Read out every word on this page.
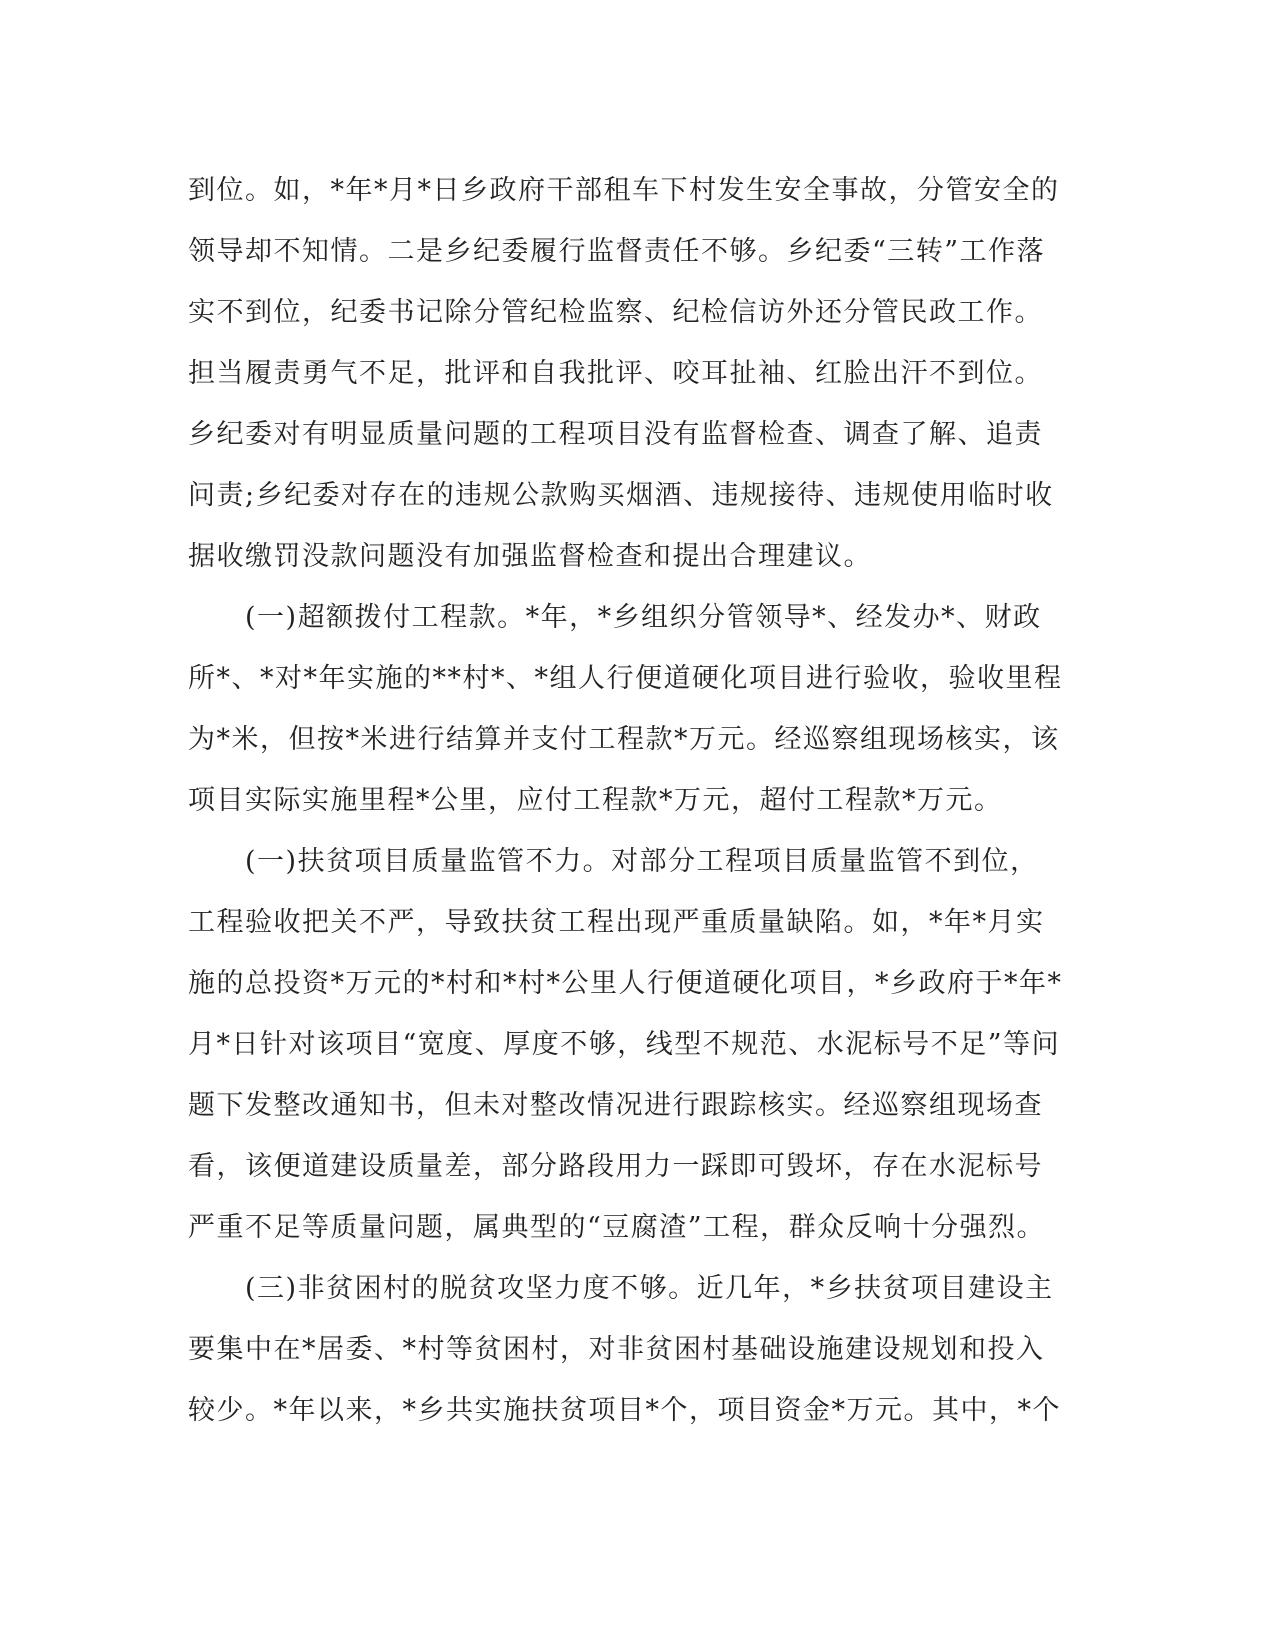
到位。如，*年*月*日乡政府干部租车下村发生安全事故，分管安全的
领导却不知情。二是乡纪委履行监督责任不够。乡纪委“三转”工作落
实不到位，纪委书记除分管纪检监察、纪检信访外还分管民政工作。
担当履责勇气不足，批评和自我批评、咬耳扯袖、红脸出汗不到位。
乡纪委对有明显质量问题的工程项目没有监督检查、调查了解、追责
问责;乡纪委对存在的违规公款购买烟酒、违规接待、违规使用临时收
据收缴罚没款问题没有加强监督检查和提出合理建议。
　　(一)超额拨付工程款。*年，*乡组织分管领导*、经发办*、财政
所*、*对*年实施的**村*、*组人行便道硬化项目进行验收，验收里程
为*米，但按*米进行结算并支付工程款*万元。经巡察组现场核实，该
项目实际实施里程*公里，应付工程款*万元，超付工程款*万元。
　　(一)扶贫项目质量监管不力。对部分工程项目质量监管不到位，
工程验收把关不严，导致扶贫工程出现严重质量缺陷。如，*年*月实
施的总投资*万元的*村和*村*公里人行便道硬化项目，*乡政府于*年*
月*日针对该项目“宽度、厚度不够，线型不规范、水泥标号不足”等问
题下发整改通知书，但未对整改情况进行跟踪核实。经巡察组现场查
看，该便道建设质量差，部分路段用力一踩即可毁坏，存在水泥标号
严重不足等质量问题，属典型的“豆腐渣”工程，群众反响十分强烈。
　　(三)非贫困村的脱贫攻坚力度不够。近几年，*乡扶贫项目建设主
要集中在*居委、*村等贫困村，对非贫困村基础设施建设规划和投入
较少。*年以来，*乡共实施扶贫项目*个，项目资金*万元。其中，*个
